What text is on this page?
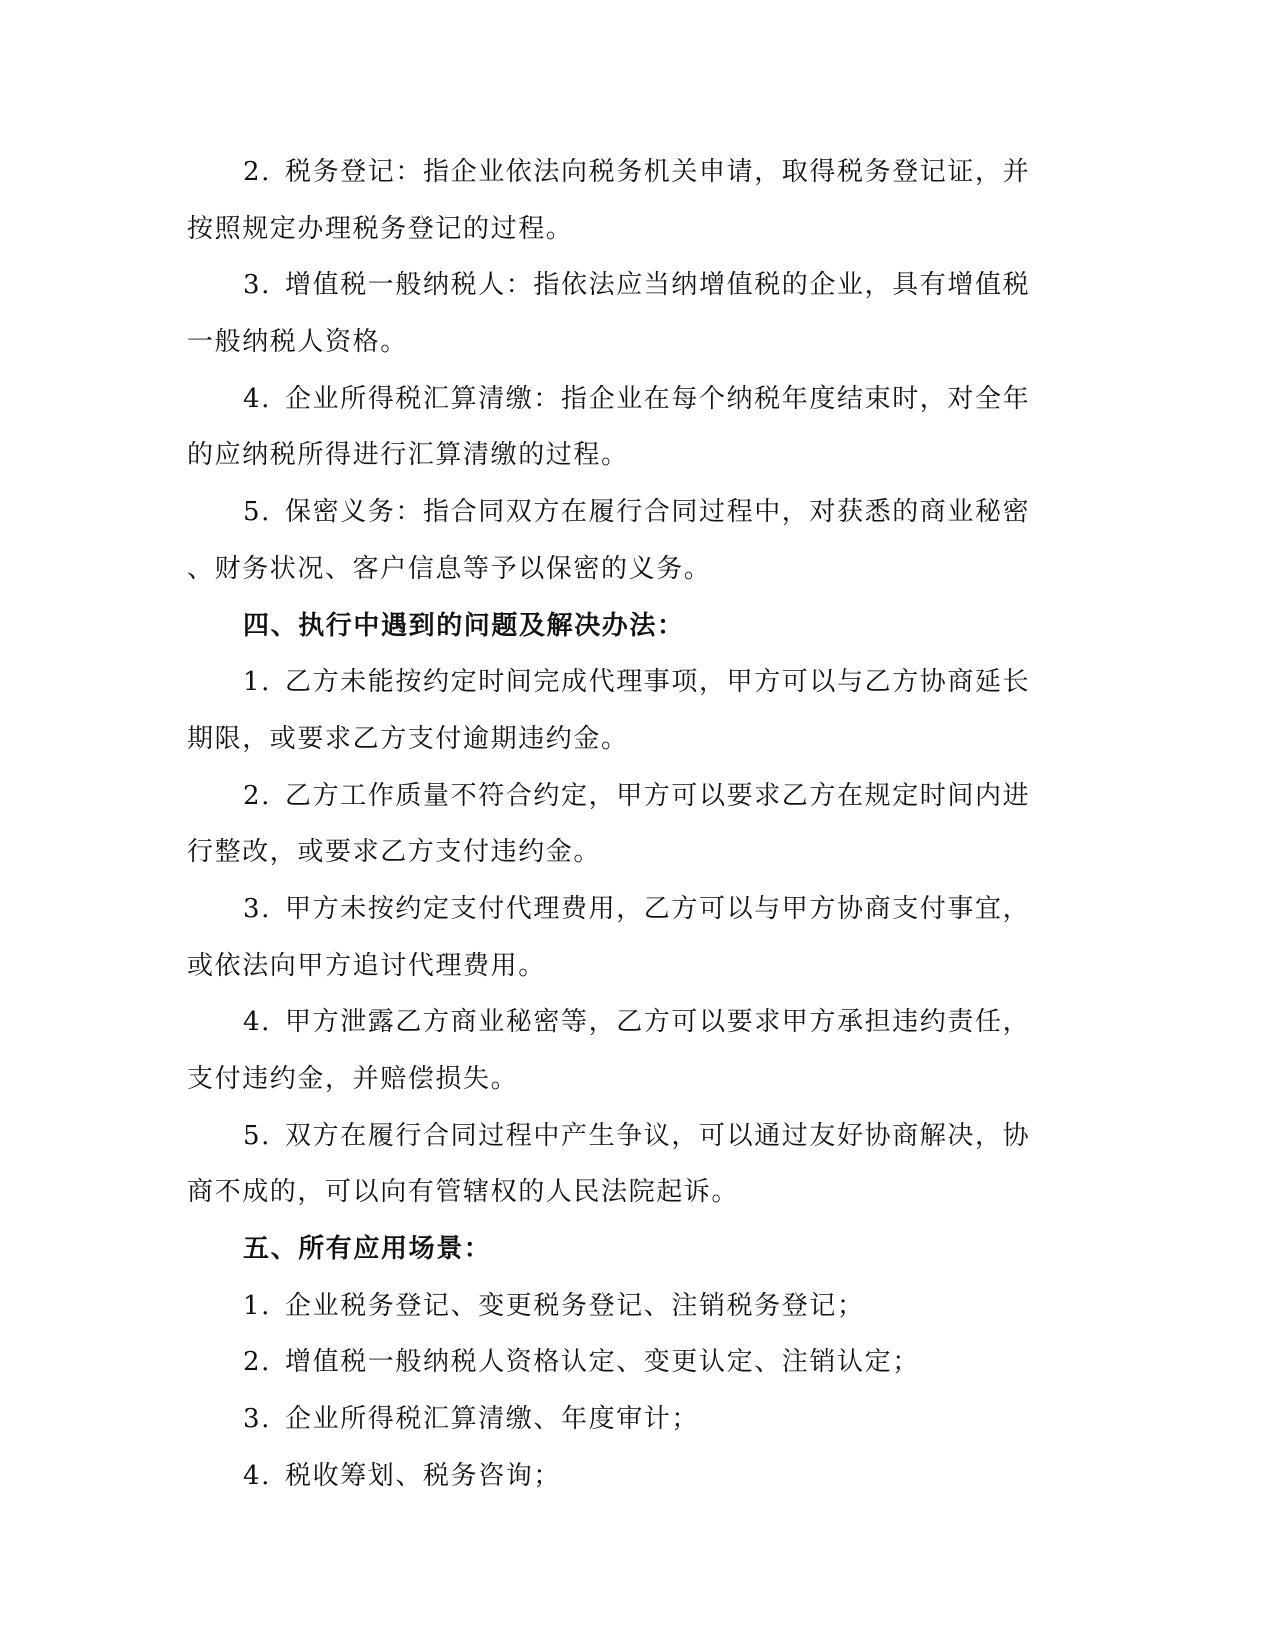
2. 税务登记：指企业依法向税务机关申请，取得税务登记证，并
按照规定办理税务登记的过程。
3. 增值税一般纳税人：指依法应当纳增值税的企业，具有增值税
一般纳税人资格。
4. 企业所得税汇算清缴：指企业在每个纳税年度结束时，对全年
的应纳税所得进行汇算清缴的过程。
5. 保密义务：指合同双方在履行合同过程中，对获悉的商业秘密
、财务状况、客户信息等予以保密的义务。
四、执行中遇到的问题及解决办法：
1. 乙方未能按约定时间完成代理事项，甲方可以与乙方协商延长
期限，或要求乙方支付逾期违约金。
2. 乙方工作质量不符合约定，甲方可以要求乙方在规定时间内进
行整改，或要求乙方支付违约金。
3. 甲方未按约定支付代理费用，乙方可以与甲方协商支付事宜，
或依法向甲方追讨代理费用。
4. 甲方泄露乙方商业秘密等，乙方可以要求甲方承担违约责任，
支付违约金，并赔偿损失。
5. 双方在履行合同过程中产生争议，可以通过友好协商解决，协
商不成的，可以向有管辖权的人民法院起诉。
五、所有应用场景：
1. 企业税务登记、变更税务登记、注销税务登记；
2. 增值税一般纳税人资格认定、变更认定、注销认定；
3. 企业所得税汇算清缴、年度审计；
4. 税收筹划、税务咨询；
